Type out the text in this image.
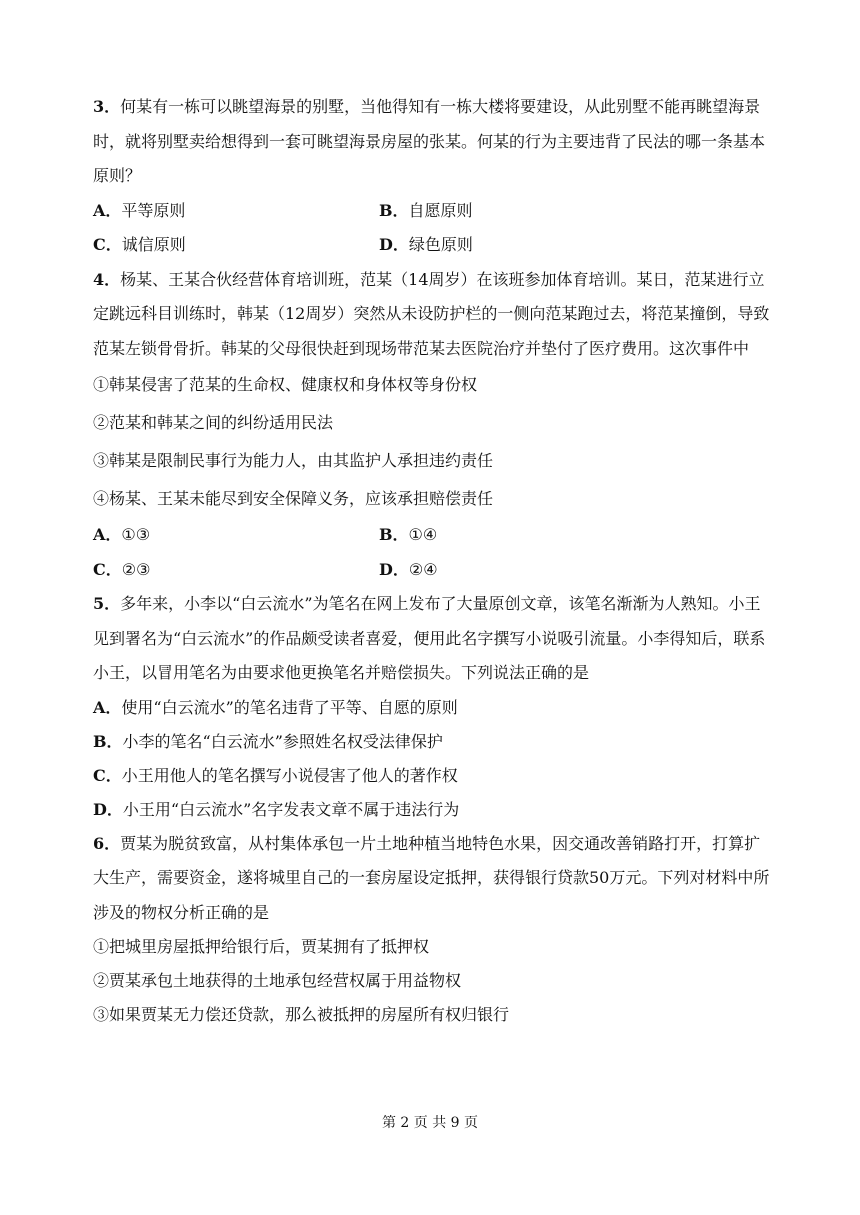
3．何某有一栋可以眺望海景的别墅，当他得知有一栋大楼将要建设，从此别墅不能再眺望海景时，就将别墅卖给想得到一套可眺望海景房屋的张某。何某的行为主要违背了民法的哪一条基本原则？

A．平等原则	B．自愿原则
C．诚信原则	D．绿色原则

4．杨某、王某合伙经营体育培训班，范某（14周岁）在该班参加体育培训。某日，范某进行立定跳远科目训练时，韩某（12周岁）突然从未设防护栏的一侧向范某跑过去，将范某撞倒，导致范某左锁骨骨折。韩某的父母很快赶到现场带范某去医院治疗并垫付了医疗费用。这次事件中

①韩某侵害了范某的生命权、健康权和身体权等身份权

②范某和韩某之间的纠纷适用民法

③韩某是限制民事行为能力人，由其监护人承担违约责任

④杨某、王某未能尽到安全保障义务，应该承担赔偿责任

A．①③	B．①④
C．②③	D．②④

5．多年来，小李以“白云流水”为笔名在网上发布了大量原创文章，该笔名渐渐为人熟知。小王见到署名为“白云流水”的作品颇受读者喜爱，便用此名字撰写小说吸引流量。小李得知后，联系小王，以冒用笔名为由要求他更换笔名并赔偿损失。下列说法正确的是

A．使用“白云流水”的笔名违背了平等、自愿的原则

B．小李的笔名“白云流水”参照姓名权受法律保护

C．小王用他人的笔名撰写小说侵害了他人的著作权

D．小王用“白云流水”名字发表文章不属于违法行为

6．贾某为脱贫致富，从村集体承包一片土地种植当地特色水果，因交通改善销路打开，打算扩大生产，需要资金，遂将城里自己的一套房屋设定抵押，获得银行贷款50万元。下列对材料中所涉及的物权分析正确的是

①把城里房屋抵押给银行后，贾某拥有了抵押权

②贾某承包土地获得的土地承包经营权属于用益物权

③如果贾某无力偿还贷款，那么被抵押的房屋所有权归银行

第 2 页 共 9 页
